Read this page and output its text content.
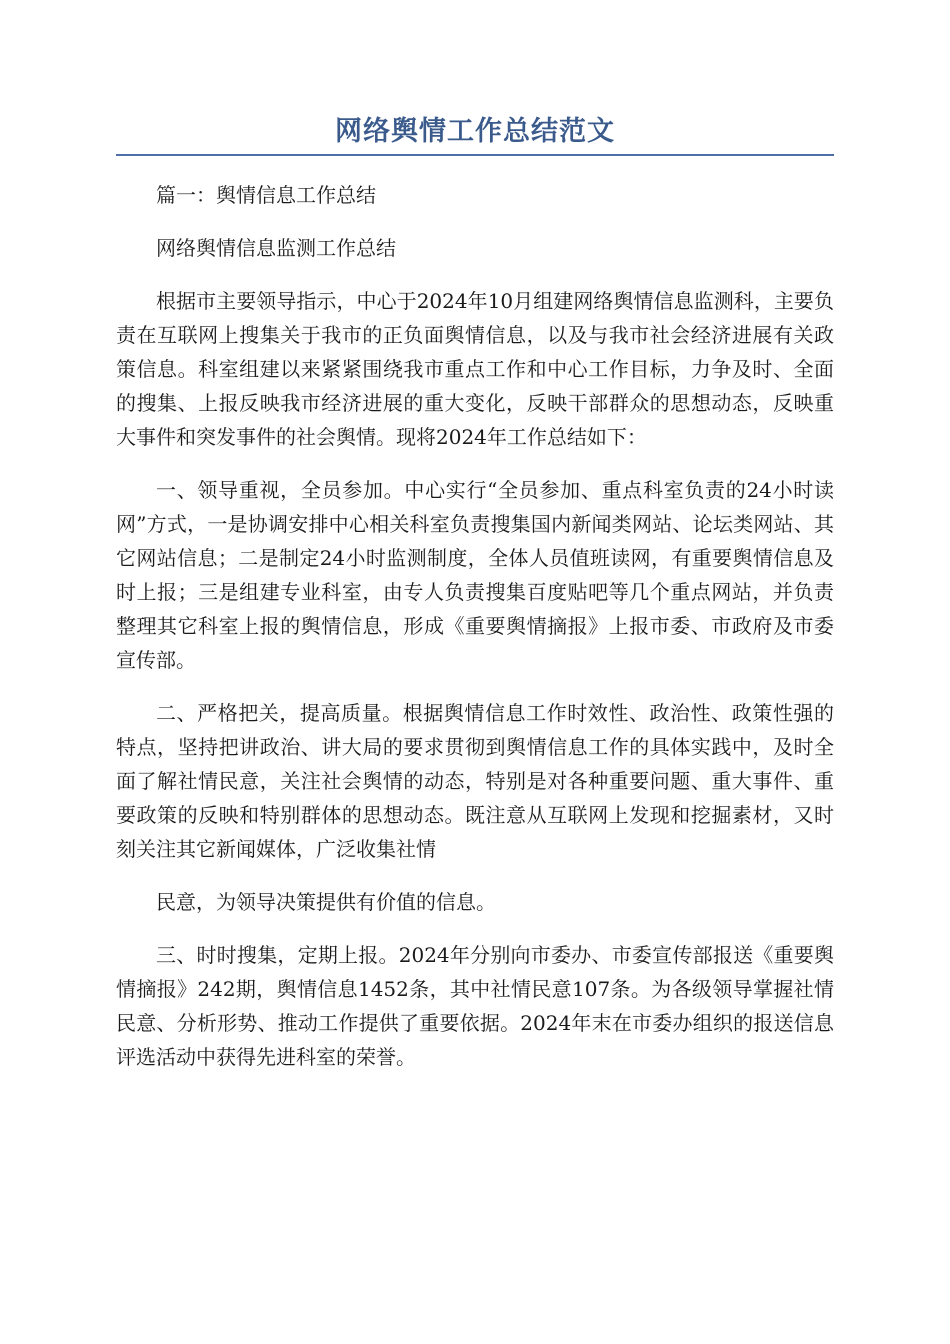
网络舆情工作总结范文

篇一：舆情信息工作总结

网络舆情信息监测工作总结

根据市主要领导指示，中心于2024年10月组建网络舆情信息监测科，主要负责在互联网上搜集关于我市的正负面舆情信息，以及与我市社会经济进展有关政策信息。科室组建以来紧紧围绕我市重点工作和中心工作目标，力争及时、全面的搜集、上报反映我市经济进展的重大变化，反映干部群众的思想动态，反映重大事件和突发事件的社会舆情。现将2024年工作总结如下：

一、领导重视，全员参加。中心实行“全员参加、重点科室负责的24小时读网”方式，一是协调安排中心相关科室负责搜集国内新闻类网站、论坛类网站、其它网站信息；二是制定24小时监测制度，全体人员值班读网，有重要舆情信息及时上报；三是组建专业科室，由专人负责搜集百度贴吧等几个重点网站，并负责整理其它科室上报的舆情信息，形成《重要舆情摘报》上报市委、市政府及市委宣传部。

二、严格把关，提高质量。根据舆情信息工作时效性、政治性、政策性强的特点，坚持把讲政治、讲大局的要求贯彻到舆情信息工作的具体实践中，及时全面了解社情民意，关注社会舆情的动态，特别是对各种重要问题、重大事件、重要政策的反映和特别群体的思想动态。既注意从互联网上发现和挖掘素材，又时刻关注其它新闻媒体，广泛收集社情

民意，为领导决策提供有价值的信息。

三、时时搜集，定期上报。2024年分别向市委办、市委宣传部报送《重要舆情摘报》242期，舆情信息1452条，其中社情民意107条。为各级领导掌握社情民意、分析形势、推动工作提供了重要依据。2024年末在市委办组织的报送信息评选活动中获得先进科室的荣誉。
